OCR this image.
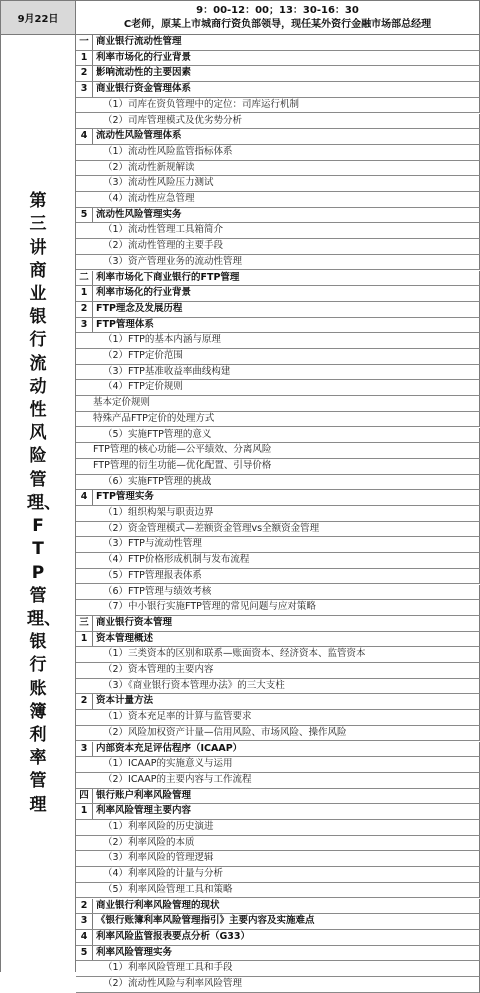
9月22日
9：00-12：00；13：30-16：30
C老师，原某上市城商行资负部领导，现任某外资行金融市场部总经理
第三讲 商业银行流动性风险管理、FTP管理、银行账簿利率管理
一 商业银行流动性管理
1 利率市场化的行业背景
2 影响流动性的主要因素
3 商业银行资金管理体系
（1）司库在资负管理中的定位：司库运行机制
（2）司库管理模式及优劣势分析
4 流动性风险管理体系
（1）流动性风险监管指标体系
（2）流动性新规解读
（3）流动性风险压力测试
（4）流动性应急管理
5 流动性风险管理实务
（1）流动性管理工具箱简介
（2）流动性管理的主要手段
（3）资产管理业务的流动性管理
二 利率市场化下商业银行的FTP管理
1 利率市场化的行业背景
2 FTP理念及发展历程
3 FTP管理体系
（1）FTP的基本内涵与原理
（2）FTP定价范围
（3）FTP基准收益率曲线构建
（4）FTP定价规则
基本定价规则
特殊产品FTP定价的处理方式
（5）实施FTP管理的意义
FTP管理的核心功能—公平绩效、分离风险
FTP管理的衍生功能—优化配置、引导价格
（6）实施FTP管理的挑战
4 FTP管理实务
（1）组织构架与职责边界
（2）资金管理模式—差额资金管理vs全额资金管理
（3）FTP与流动性管理
（4）FTP价格形成机制与发布流程
（5）FTP管理报表体系
（6）FTP管理与绩效考核
（7）中小银行实施FTP管理的常见问题与应对策略
三 商业银行资本管理
1 资本管理概述
（1）三类资本的区别和联系—账面资本、经济资本、监管资本
（2）资本管理的主要内容
（3）《商业银行资本管理办法》的三大支柱
2 资本计量方法
（1）资本充足率的计算与监管要求
（2）风险加权资产计量—信用风险、市场风险、操作风险
3 内部资本充足评估程序（ICAAP）
（1）ICAAP的实施意义与运用
（2）ICAAP的主要内容与工作流程
四 银行账户利率风险管理
1 利率风险管理主要内容
（1）利率风险的历史演进
（2）利率风险的本质
（3）利率风险的管理逻辑
（4）利率风险的计量与分析
（5）利率风险管理工具和策略
2 商业银行利率风险管理的现状
3 《银行账簿利率风险管理指引》主要内容及实施难点
4 利率风险监管报表要点分析（G33）
5 利率风险管理实务
（1）利率风险管理工具和手段
（2）流动性风险与利率风险管理
